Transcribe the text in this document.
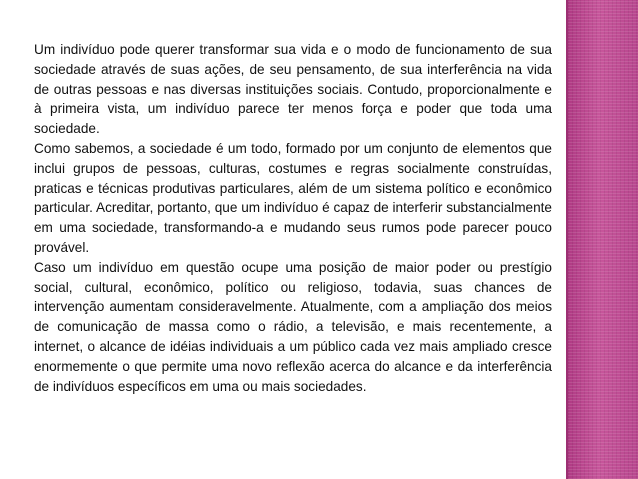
Um indivíduo pode querer transformar sua vida e o modo de funcionamento de sua sociedade através de suas ações, de seu pensamento, de sua interferência na vida de outras pessoas e nas diversas instituições sociais. Contudo, proporcionalmente e à primeira vista, um indivíduo parece ter menos força e poder que toda uma sociedade.

Como sabemos, a sociedade é um todo, formado por um conjunto de elementos que inclui grupos de pessoas, culturas, costumes e regras socialmente construídas, praticas e técnicas produtivas particulares, além de um sistema político e econômico particular. Acreditar, portanto, que um indivíduo é capaz de interferir substancialmente em uma sociedade, transformando-a e mudando seus rumos pode parecer pouco provável.

Caso um indivíduo em questão ocupe uma posição de maior poder ou prestígio social, cultural, econômico, político ou religioso, todavia, suas chances de intervenção aumentam consideravelmente. Atualmente, com a ampliação dos meios de comunicação de massa como o rádio, a televisão, e mais recentemente, a internet, o alcance de idéias individuais a um público cada vez mais ampliado cresce enormemente o que permite uma novo reflexão acerca do alcance e da interferência de indivíduos específicos em uma ou mais sociedades.
